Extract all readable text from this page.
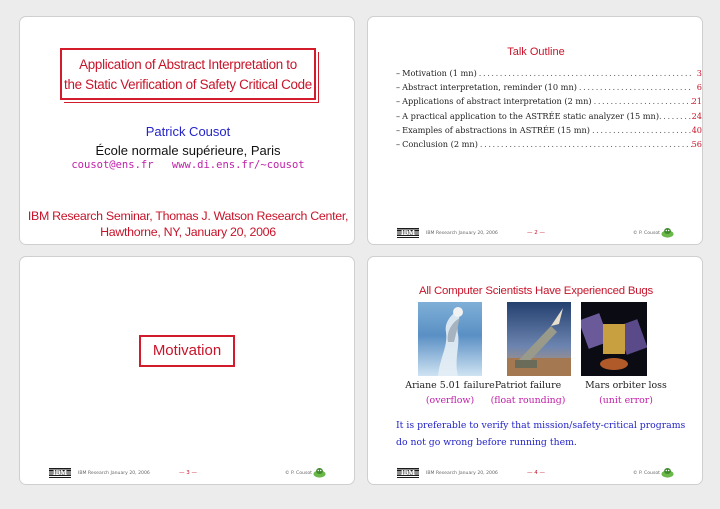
Application of Abstract Interpretation to
the Static Verification of Safety Critical Code
Patrick Cousot
École normale supérieure, Paris
cousot@ens.fr www.di.ens.fr/~cousot
IBM Research Seminar, Thomas J. Watson Research Center,
Hawthorne, NY, January 20, 2006
Talk Outline
– Motivation (1 mn) . . .	3
– Abstract interpretation, reminder (10 mn) . . .	6
– Applications of abstract interpretation (2 mn) . . .	21
– A practical application to the ASTRÉE static analyzer (15 mn) . . .	24
– Examples of abstractions in ASTRÉE (15 mn) . . .	40
– Conclusion (2 mn) . . .	56
IBM	IBM Research January 20, 2006	— 2 —	© P. Cousot
Motivation
IBM	IBM Research January 20, 2006	— 3 —	© P. Cousot
All Computer Scientists Have Experienced Bugs
Ariane 5.01 failure
(overflow)
Patriot failure
(float rounding)
Mars orbiter loss
(unit error)
It is preferable to verify that mission/safety-critical programs do not go wrong before running them.
IBM	IBM Research January 20, 2006	— 4 —	© P. Cousot
